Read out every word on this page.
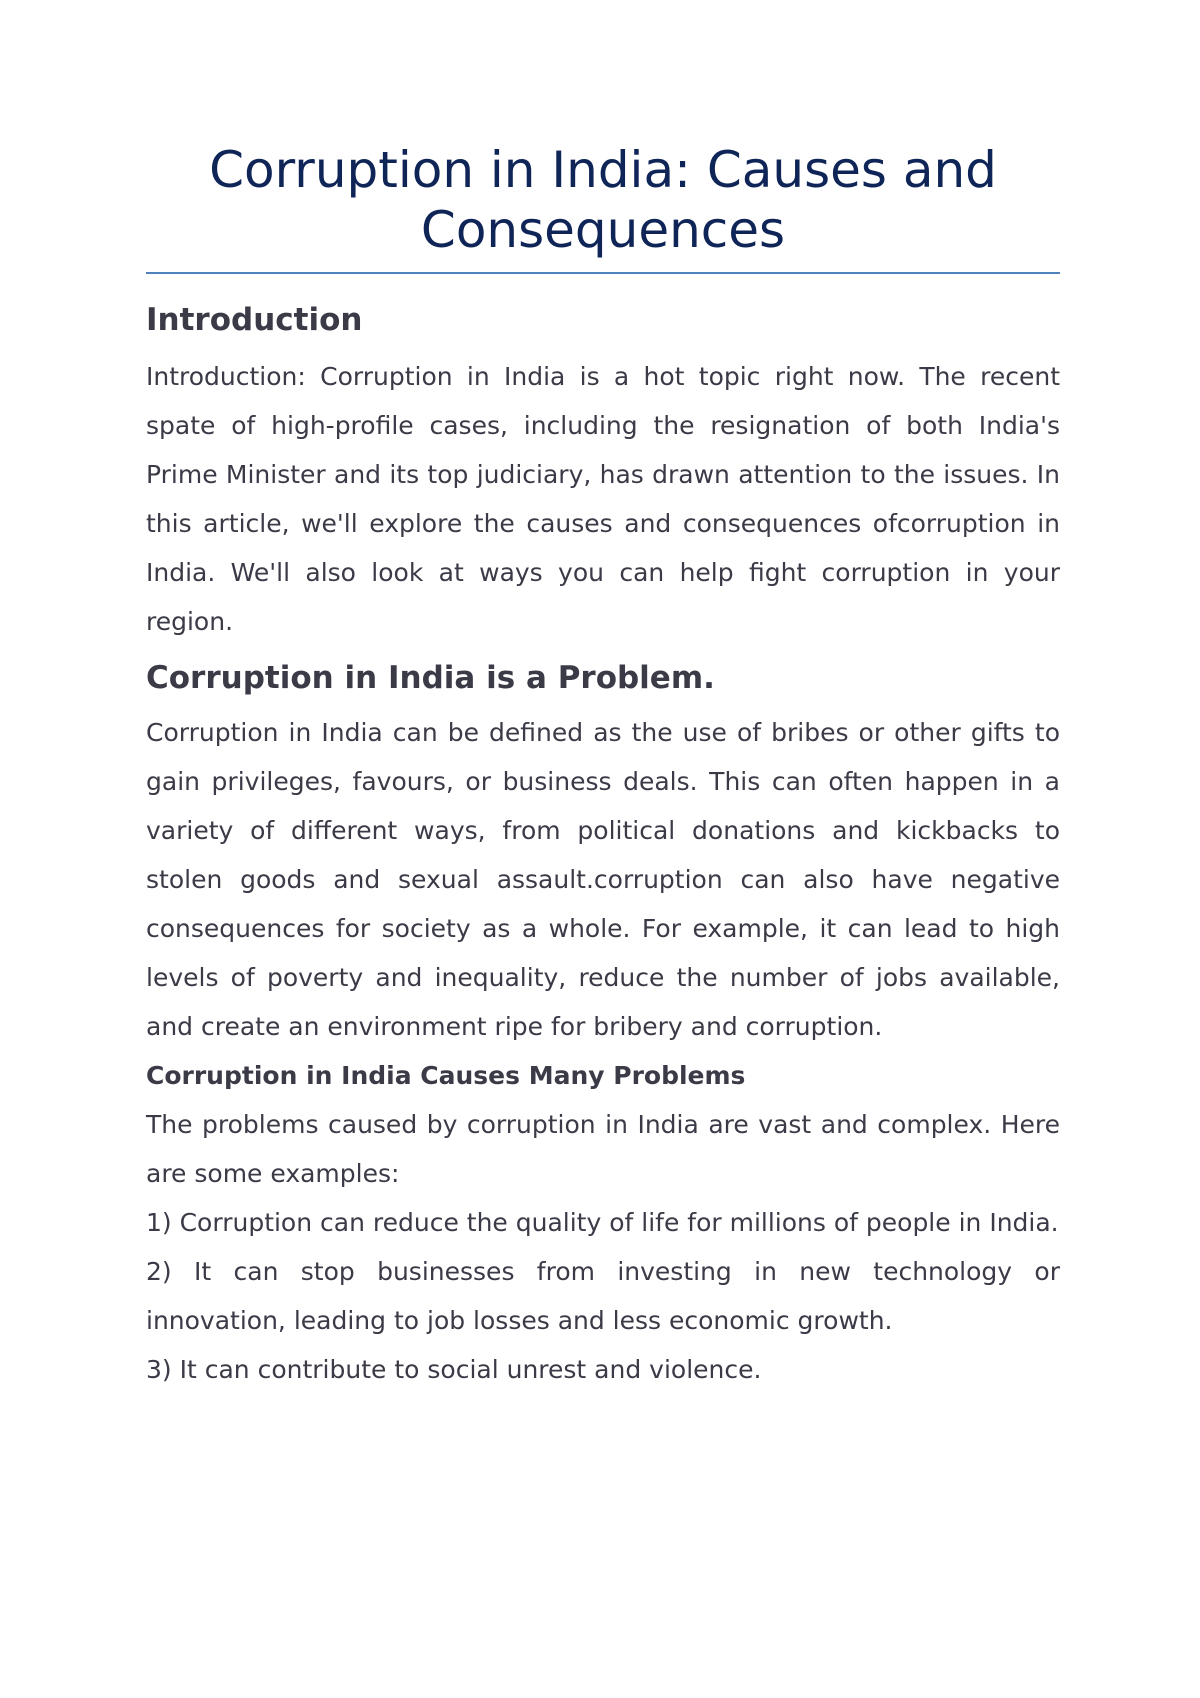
Corruption in India: Causes and Consequences
Introduction

Introduction: Corruption in India is a hot topic right now. The recent spate of high-profile cases, including the resignation of both India's Prime Minister and its top judiciary, has drawn attention to the issues. In this article, we'll explore the causes and consequences ofcorruption in India. We'll also look at ways you can help fight corruption in your region.

Corruption in India is a Problem.

Corruption in India can be defined as the use of bribes or other gifts to gain privileges, favours, or business deals. This can often happen in a variety of different ways, from political donations and kickbacks to stolen goods and sexual assault.corruption can also have negative consequences for society as a whole. For example, it can lead to high levels of poverty and inequality, reduce the number of jobs available, and create an environment ripe for bribery and corruption.

Corruption in India Causes Many Problems

The problems caused by corruption in India are vast and complex. Here are some examples:

1) Corruption can reduce the quality of life for millions of people in India.

2) It can stop businesses from investing in new technology or innovation, leading to job losses and less economic growth.

3) It can contribute to social unrest and violence.
